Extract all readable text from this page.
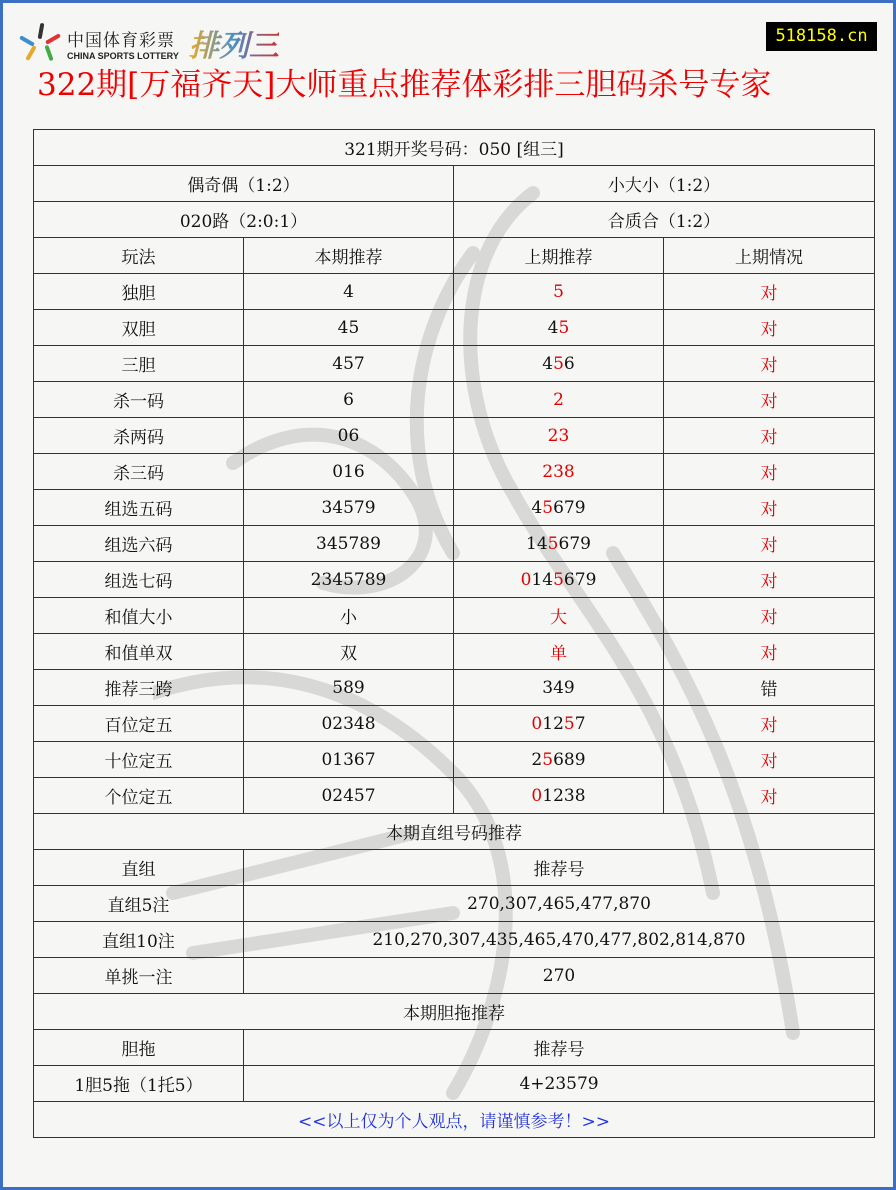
中国体育彩票
CHINA SPORTS LOTTERY 排列三	518158.cn
322期[万福齐天]大师重点推荐体彩排三胆码杀号专家
321期开奖号码：050 [组三]			
偶奇偶（1:2）		小大小（1:2）	
020路（2:0:1）		合质合（1:2）	
玩法	本期推荐	上期推荐	上期情况
独胆	4	5	对
双胆	45	45	对
三胆	457	456	对
杀一码	6	2	对
杀两码	06	23	对
杀三码	016	238	对
组选五码	34579	45679	对
组选六码	345789	145679	对
组选七码	2345789	0145679	对
和值大小	小	大	对
和值单双	双	单	对
推荐三跨	589	349	错
百位定五	02348	01257	对
十位定五	01367	25689	对
个位定五	02457	01238	对
本期直组号码推荐			
直组	推荐号		
直组5注	270,307,465,477,870		
直组10注	210,270,307,435,465,470,477,802,814,870		
单挑一注	270		
本期胆拖推荐			
胆拖	推荐号		
1胆5拖（1托5）	4+23579		
<<以上仅为个人观点，请谨慎参考！>>			
